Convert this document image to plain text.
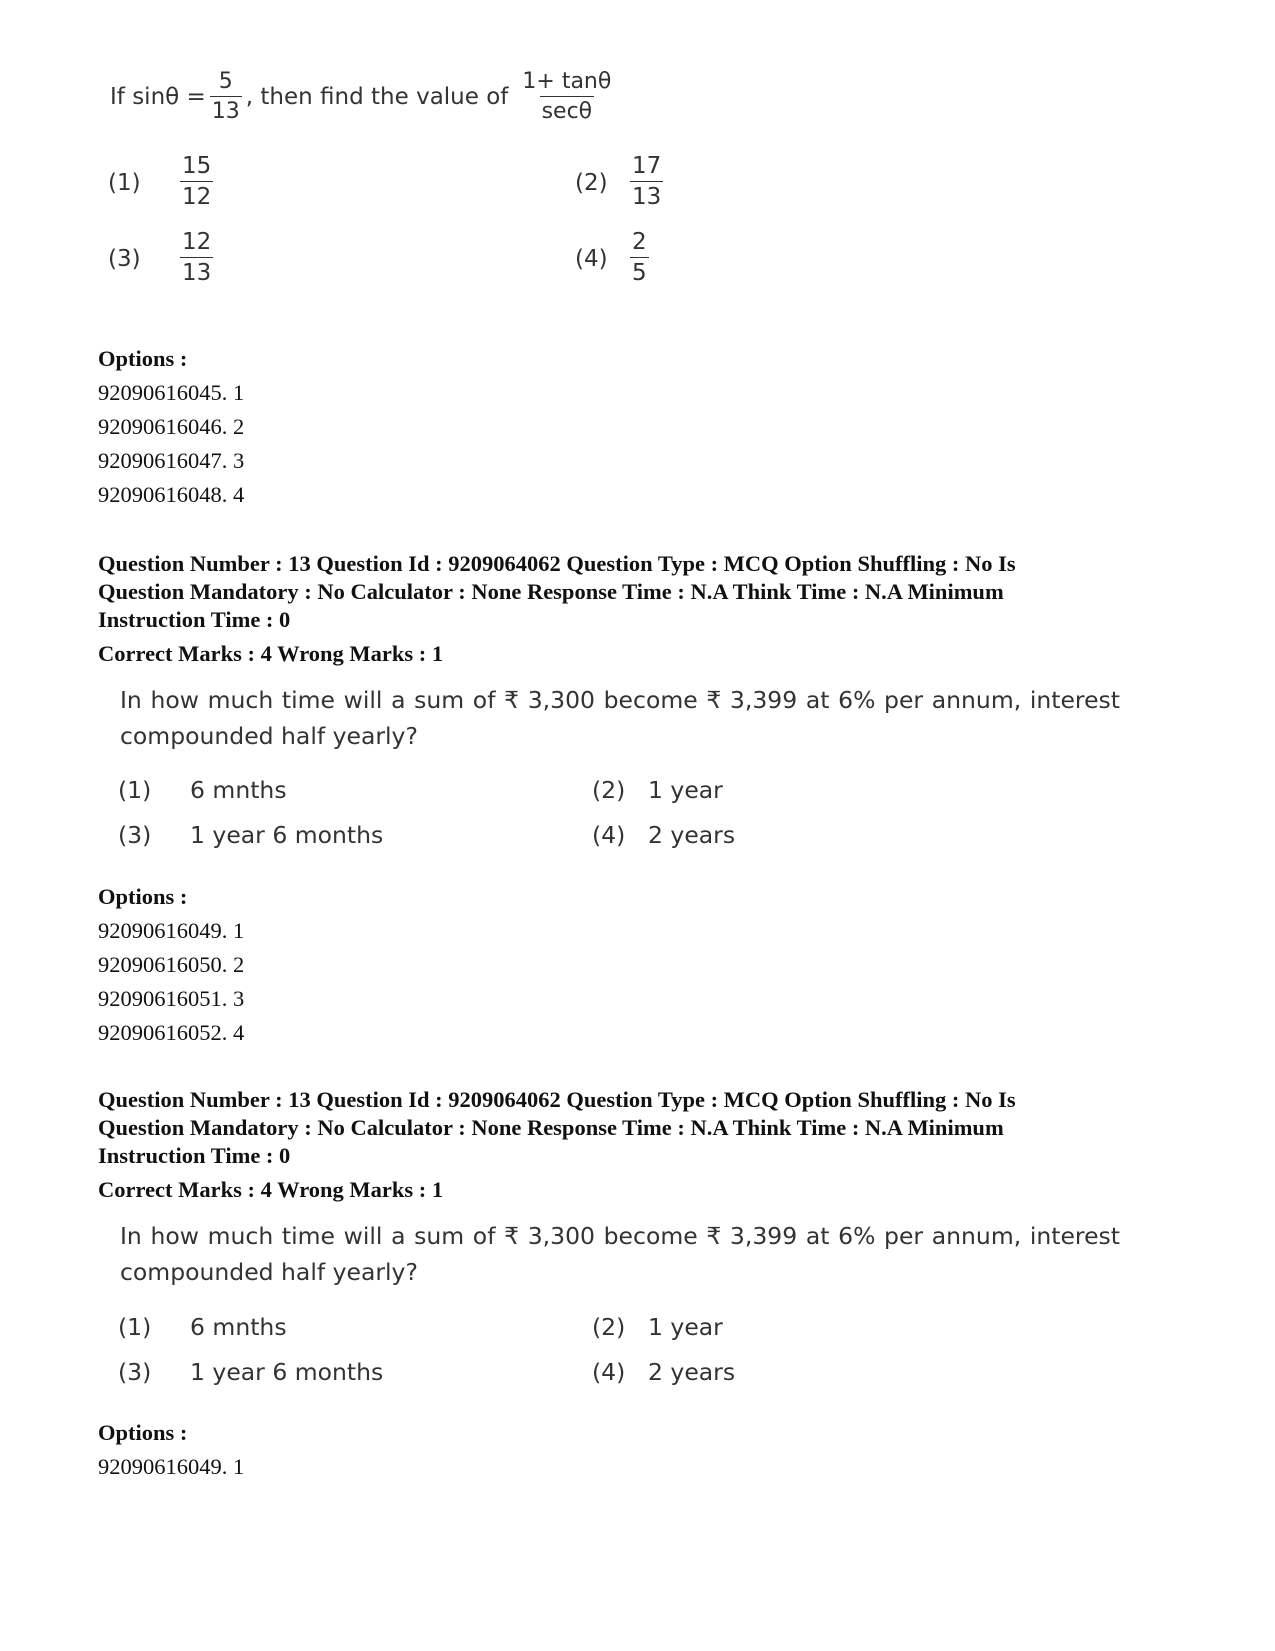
If $\sin\theta = \frac{5}{13}$ , then find the value of $\frac{1+ \tan\theta}{\sec\theta}$
$(1) \frac{15}{12}$	$(2) \frac{17}{13}$
$(3) \frac{12}{13}$	$(4) \frac{2}{5}$
Options :
92090616045. 1
92090616046. 2
92090616047. 3
92090616048. 4
Question Number : 13 Question Id : 9209064062 Question Type : MCQ Option Shuffling : No Is
Question Mandatory : No Calculator : None Response Time : N.A Think Time : N.A Minimum
Instruction Time : 0
Correct Marks : 4 Wrong Marks : 1
In how much time will a sum of ₹ 3,300 become ₹ 3,399 at 6% per annum, interest compounded half yearly?
(1) 6 mnths	(2) 1 year
(3) 1 year 6 months	(4) 2 years
Options :
92090616049. 1
92090616050. 2
92090616051. 3
92090616052. 4
Question Number : 13 Question Id : 9209064062 Question Type : MCQ Option Shuffling : No Is
Question Mandatory : No Calculator : None Response Time : N.A Think Time : N.A Minimum
Instruction Time : 0
Correct Marks : 4 Wrong Marks : 1
In how much time will a sum of ₹ 3,300 become ₹ 3,399 at 6% per annum, interest compounded half yearly?
(1) 6 mnths	(2) 1 year
(3) 1 year 6 months	(4) 2 years
Options :
92090616049. 1
